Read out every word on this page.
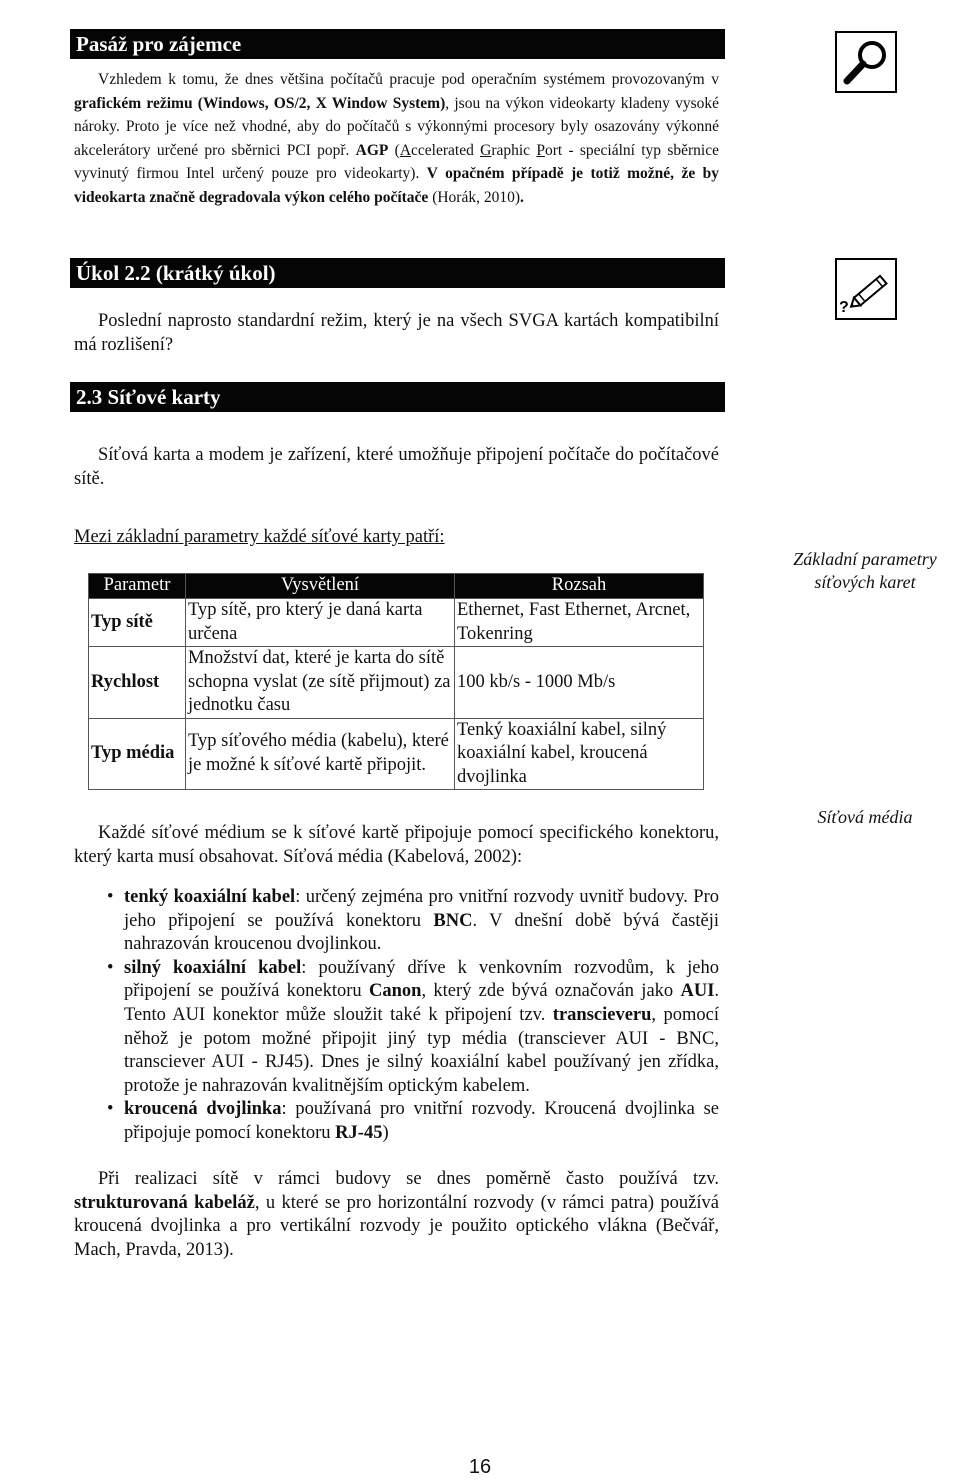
Pasáž pro zájemce
Vzhledem k tomu, že dnes většina počítačů pracuje pod operačním systémem provozovaným v grafickém režimu (Windows, OS/2, X Window System), jsou na výkon videokarty kladeny vysoké nároky. Proto je více než vhodné, aby do počítačů s výkonnými procesory byly osazovány výkonné akcelerátory určené pro sběrnici PCI popř. AGP (Accelerated Graphic Port - speciální typ sběrnice vyvinutý firmou Intel určený pouze pro videokarty). V opačném případě je totiž možné, že by videokarta značně degradovala výkon celého počítače (Horák, 2010).
Úkol 2.2 (krátký úkol)
Poslední naprosto standardní režim, který je na všech SVGA kartách kompatibilní má rozlišení?
?
2.3 Síťové karty
Síťová karta a modem je zařízení, které umožňuje připojení počítače do počítačové sítě.
Mezi základní parametry každé síťové karty patří:
Základní parametry
síťových karet
Parametr	Vysvětlení	Rozsah
Typ sítě	Typ sítě, pro který je daná karta určena	Ethernet, Fast Ethernet, Arcnet, Tokenring
Rychlost	Množství dat, které je karta do sítě schopna vyslat (ze sítě přijmout) za jednotku času	100 kb/s - 1000 Mb/s
Typ média	Typ síťového média (kabelu), které je možné k síťové kartě připojit.	Tenký koaxiální kabel, silný koaxiální kabel, kroucená dvojlinka
Každé síťové médium se k síťové kartě připojuje pomocí specifického konektoru, který karta musí obsahovat. Síťová média (Kabelová, 2002):
Síťová média
• tenký koaxiální kabel: určený zejména pro vnitřní rozvody uvnitř budovy. Pro jeho připojení se používá konektoru BNC. V dnešní době bývá častěji nahrazován kroucenou dvojlinkou.
• silný koaxiální kabel: používaný dříve k venkovním rozvodům, k jeho připojení se používá konektoru Canon, který zde bývá označován jako AUI. Tento AUI konektor může sloužit také k připojení tzv. transcieveru, pomocí něhož je potom možné připojit jiný typ média (transciever AUI - BNC, transciever AUI - RJ45). Dnes je silný koaxiální kabel používaný jen zřídka, protože je nahrazován kvalitnějším optickým kabelem.
• kroucená dvojlinka: používaná pro vnitřní rozvody. Kroucená dvojlinka se připojuje pomocí konektoru RJ-45)
Při realizaci sítě v rámci budovy se dnes poměrně často používá tzv. strukturovaná kabeláž, u které se pro horizontální rozvody (v rámci patra) používá kroucená dvojlinka a pro vertikální rozvody je použito optického vlákna (Bečvář, Mach, Pravda, 2013).
16
